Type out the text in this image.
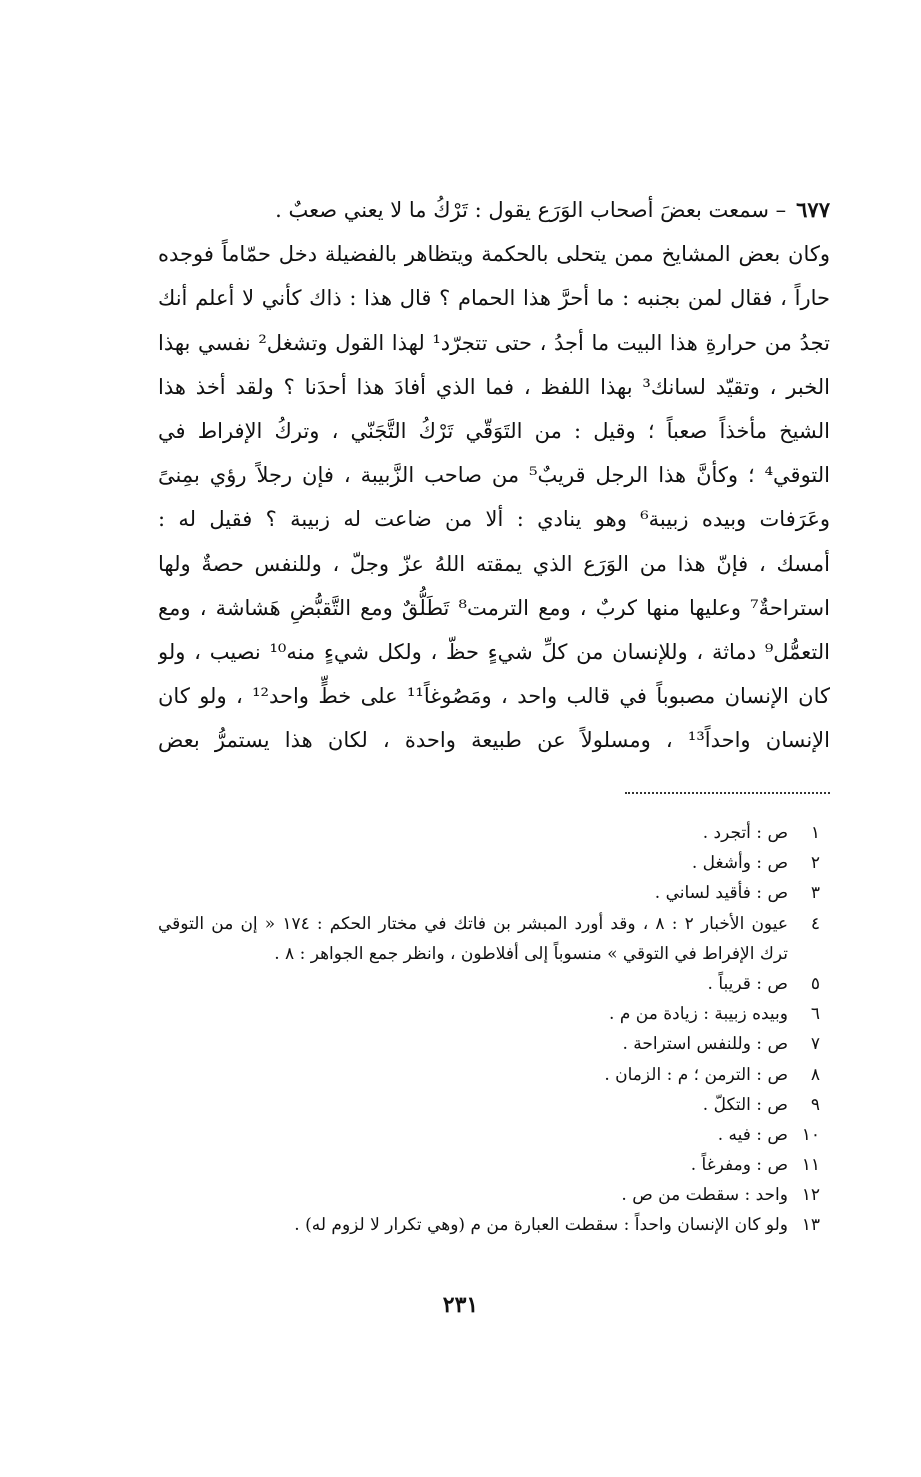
٦٧٧– سمعت بعضَ أصحاب الوَرَع يقول : تَرْكُ ما لا يعني صعبٌ .
وكان بعض المشايخ ممن يتحلى بالحكمة ويتظاهر بالفضيلة دخل حمّاماً فوجده
حاراً ، فقال لمن بجنبه : ما أحرَّ هذا الحمام ؟ قال هذا : ذاك كأني لا أعلم أنك
تجدُ من حرارةِ هذا البيت ما أجدُ ، حتى تتجرّد¹ لهذا القول وتشغل² نفسي بهذا
الخبر ، وتقيّد لسانك³ بهذا اللفظ ، فما الذي أفادَ هذا أحدَنا ؟ ولقد أخذ هذا
الشيخ مأخذاً صعباً ؛ وقيل : من التَوَقّي تَرْكُ التَّجَنّي ، وتركُ الإفراط في
التوقي⁴ ؛ وكأنَّ هذا الرجل قريبٌ⁵ من صاحب الزَّبيبة ، فإن رجلاً رؤي بمِنىً
وعَرَفات وبيده زبيبة⁶ وهو ينادي : ألا من ضاعت له زبيبة ؟ فقيل له :
أمسك ، فإنّ هذا من الوَرَع الذي يمقته اللهُ عزّ وجلّ ، وللنفس حصةٌ ولها
استراحةٌ⁷ وعليها منها كربٌ ، ومع الترمت⁸ تَطَلُّقٌ ومع التَّقبُّضِ هَشاشة ، ومع
التعمُّل⁹ دماثة ، وللإنسان من كلِّ شيءٍ حظّ ، ولكل شيءٍ منه¹⁰ نصيب ، ولو
كان الإنسان مصبوباً في قالب واحد ، ومَصُوغاً¹¹ على خطٍّ واحد¹² ، ولو كان
الإنسان واحداً¹³ ، ومسلولاً عن طبيعة واحدة ، لكان هذا يستمرُّ بعض
١
ص : أتجرد .
٢
ص : وأشغل .
٣
ص : فأقيد لساني .
٤
عيون الأخبار ٢ : ٨ ، وقد أورد المبشر بن فاتك في مختار الحكم : ١٧٤ « إن من التوقي ترك الإفراط في التوقي » منسوباً إلى أفلاطون ، وانظر جمع الجواهر : ٨ .
٥
ص : قريباً .
٦
وبيده زبيبة : زيادة من م .
٧
ص : وللنفس استراحة .
٨
ص : الترمن ؛ م : الزمان .
٩
ص : التكلّ .
١٠
ص : فيه .
١١
ص : ومفرغاً .
١٢
واحد : سقطت من ص .
١٣
ولو كان الإنسان واحداً : سقطت العبارة من م (وهي تكرار لا لزوم له) .
٢٣١
